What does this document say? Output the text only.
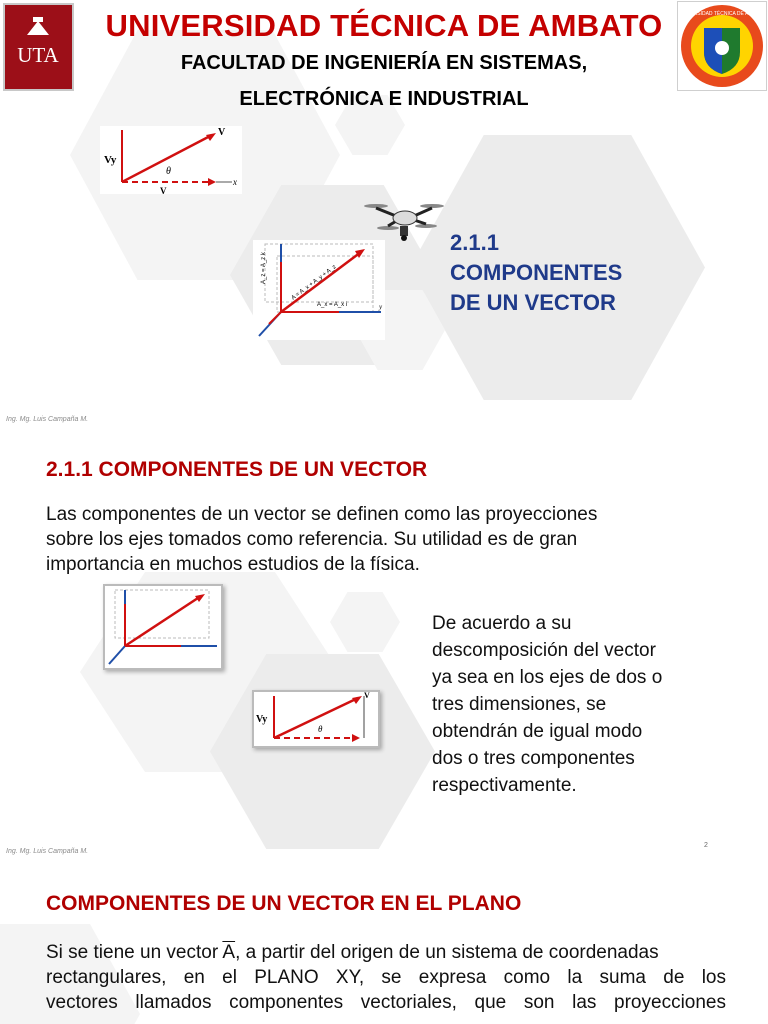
UTA
UNIVERSIDAD TÉCNICA DE AMBATO
FACULTAD DE INGENIERÍA EN SISTEMAS,
ELECTRÓNICA E INDUSTRIAL
UNIVERSIDAD TÉCNICA DE AMBATO
V
Vy
θ
V
x
A_z = A_z k	A = A_x + A_y + A_z
A_x = A_x i	y
2.1.1
COMPONENTES
DE UN VECTOR
Ing. Mg. Luis Campaña M.
2.1.1 COMPONENTES DE UN VECTOR
Las componentes de un vector se definen como las proyecciones
sobre los ejes tomados como referencia. Su utilidad es de gran
importancia en muchos estudios de la física.
V
Vy
θ
De acuerdo a su
descomposición del vector
ya sea en los ejes de dos o
tres dimensiones, se
obtendrán de igual modo
dos o tres componentes
respectivamente.
2
Ing. Mg. Luis Campaña M.
COMPONENTES DE UN VECTOR EN EL PLANO
Si se tiene un vector $\overline{A}$, a partir del origen de un sistema de coordenadas
rectangulares, en el PLANO XY, se expresa como la suma de los
vectores llamados componentes vectoriales, que son las proyecciones
